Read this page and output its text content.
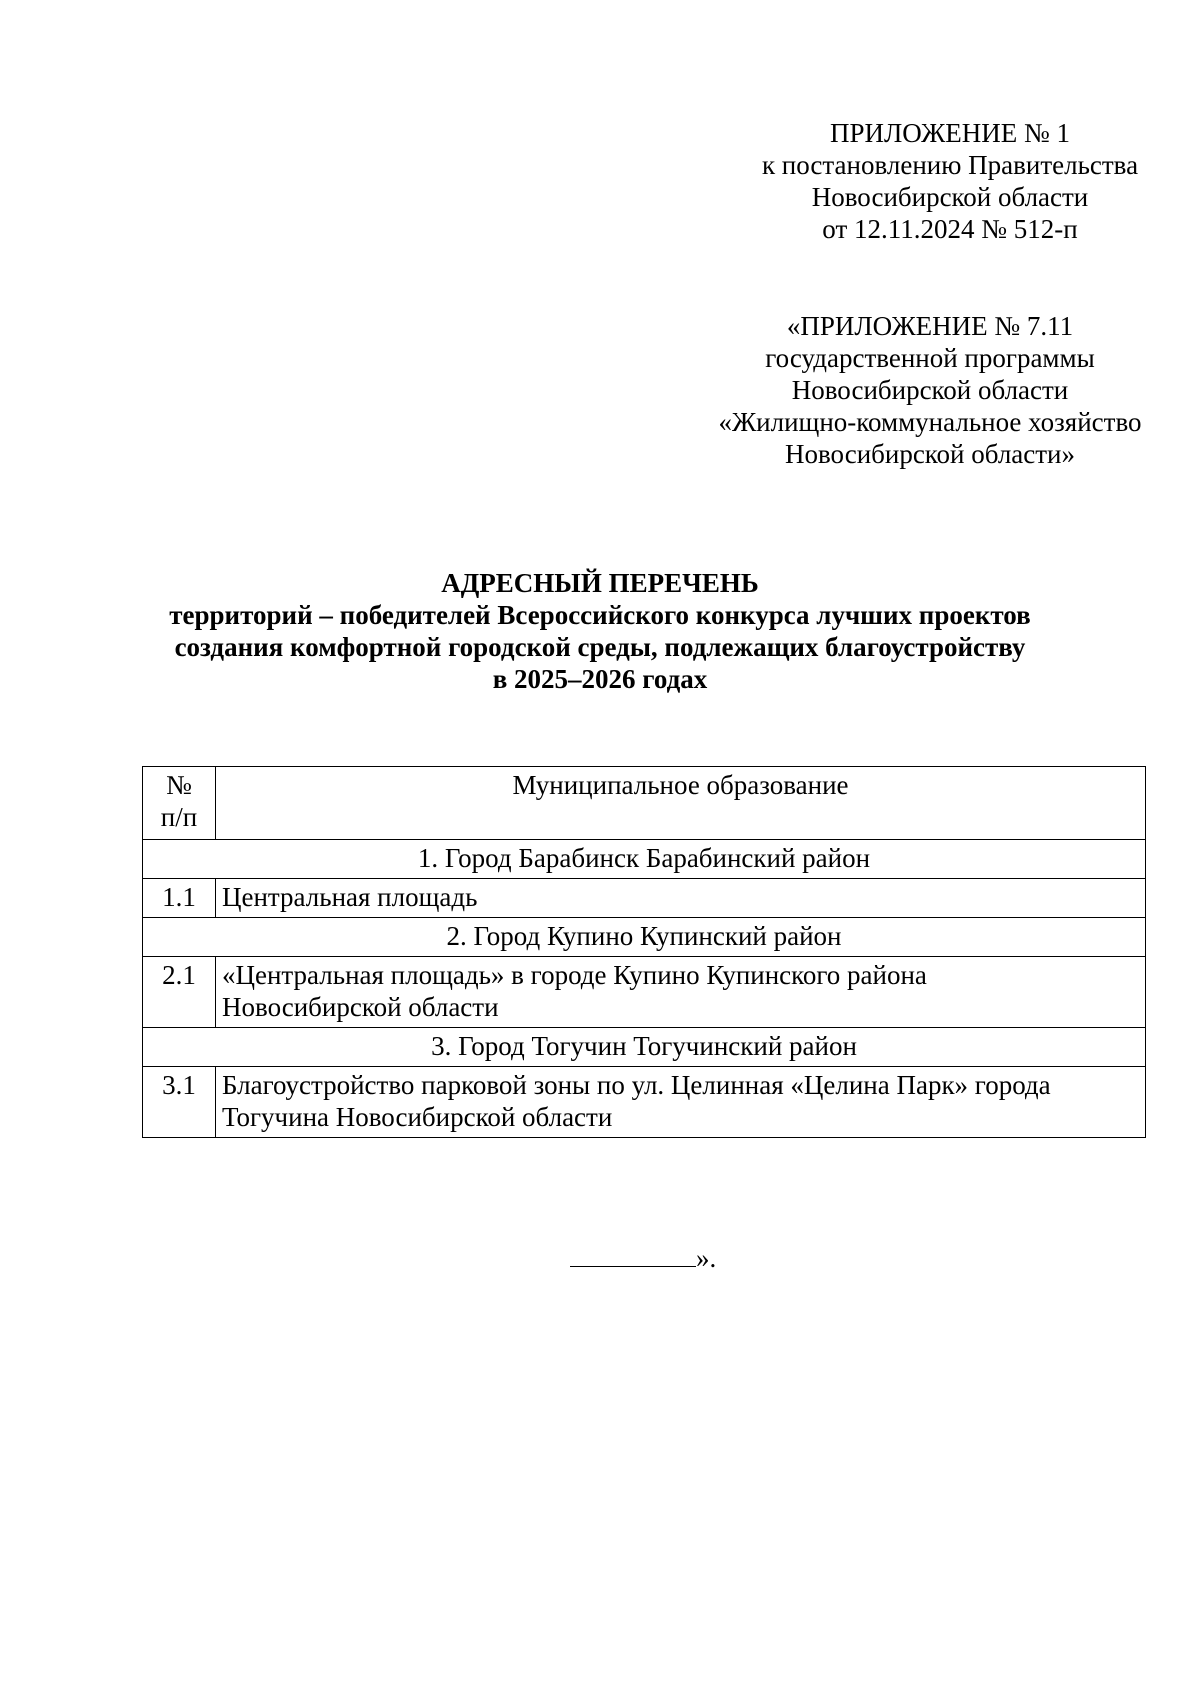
ПРИЛОЖЕНИЕ № 1
к постановлению Правительства
Новосибирской области
от 12.11.2024 № 512-п
«ПРИЛОЖЕНИЕ № 7.11
государственной программы
Новосибирской области
«Жилищно-коммунальное хозяйство
Новосибирской области»
АДРЕСНЫЙ ПЕРЕЧЕНЬ
территорий – победителей Всероссийского конкурса лучших проектов
создания комфортной городской среды, подлежащих благоустройству
в 2025–2026 годах
№
п/п	Муниципальное образование
1. Город Барабинск Барабинский район	
1.1	Центральная площадь

2. Город Купино Купинский район	
2.1	«Центральная площадь» в городе Купино Купинского района
Новосибирской области

3. Город Тогучин Тогучинский район	
3.1	Благоустройство парковой зоны по ул. Целинная «Целина Парк» города
Тогучина Новосибирской области
».
